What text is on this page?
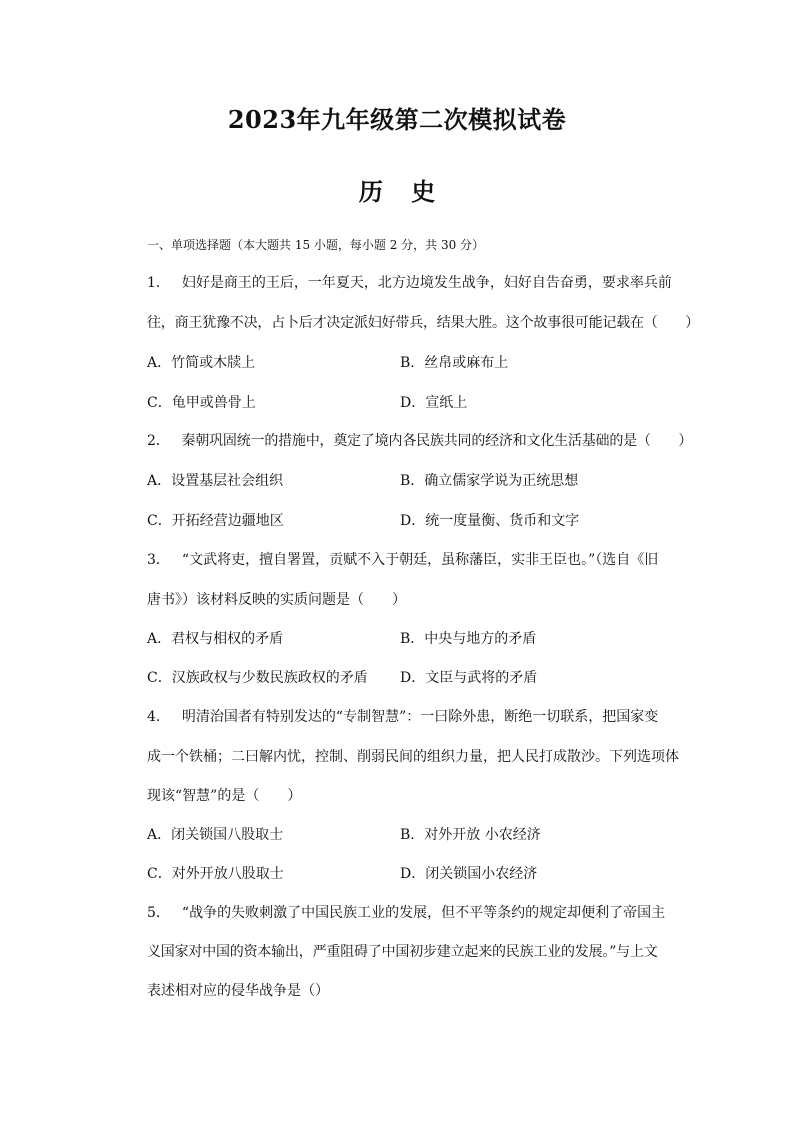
2023年九年级第二次模拟试卷
历 史
一、单项选择题（本大题共 15 小题，每小题 2 分，共 30 分）
1． 妇好是商王的王后，一年夏天，北方边境发生战争，妇好自告奋勇，要求率兵前
往，商王犹豫不决，占卜后才决定派妇好带兵，结果大胜。这个故事很可能记载在（　　）
A．竹简或木牍上	B．丝帛或麻布上
C．龟甲或兽骨上	D．宣纸上
2． 秦朝巩固统一的措施中，奠定了境内各民族共同的经济和文化生活基础的是（　　）
A．设置基层社会组织	B．确立儒家学说为正统思想
C．开拓经营边疆地区	D．统一度量衡、货币和文字
3． “文武将吏，擅自署置，贡赋不入于朝廷，虽称藩臣，实非王臣也。”（选自《旧
唐书》）该材料反映的实质问题是（　　）
A．君权与相权的矛盾	B．中央与地方的矛盾
C．汉族政权与少数民族政权的矛盾 D．文臣与武将的矛盾
4． 明清治国者有特别发达的“专制智慧”：一曰除外患，断绝一切联系，把国家变
成一个铁桶；二曰解内忧，控制、削弱民间的组织力量，把人民打成散沙。下列选项体
现该“智慧”的是（　　）
A．闭关锁国八股取士	B．对外开放 小农经济
C．对外开放八股取士	D．闭关锁国小农经济
5． “战争的失败刺激了中国民族工业的发展，但不平等条约的规定却便利了帝国主
义国家对中国的资本输出，严重阻碍了中国初步建立起来的民族工业的发展。”与上文
表述相对应的侵华战争是（）
